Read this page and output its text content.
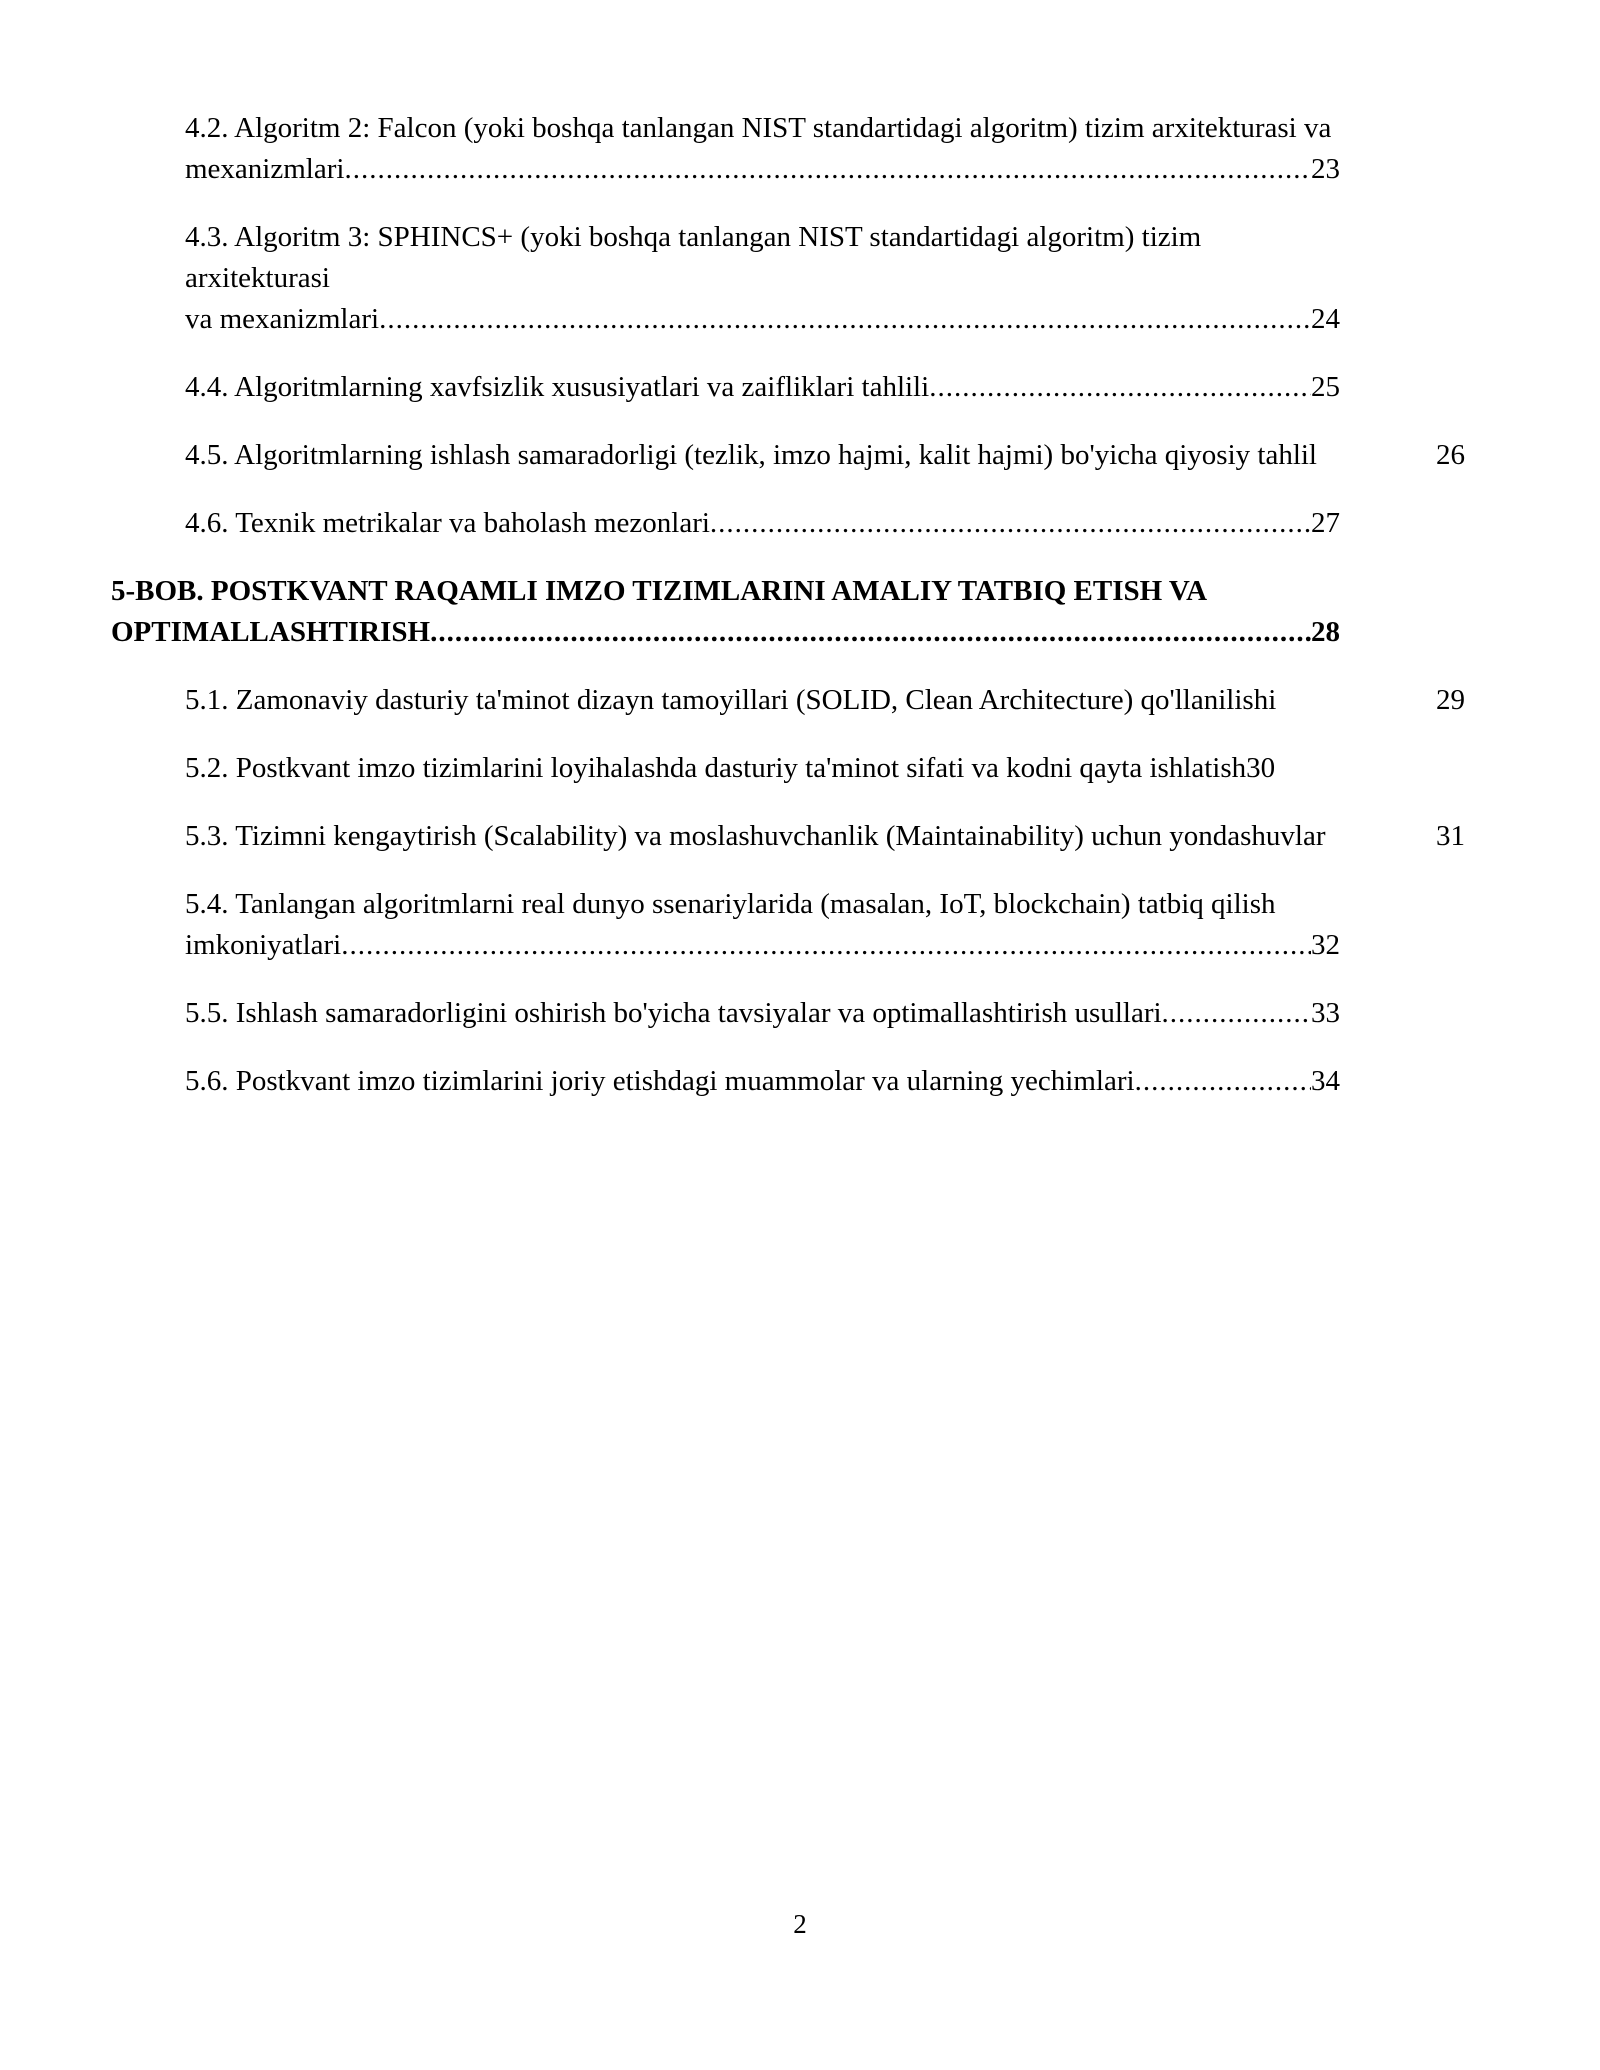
4.2. Algoritm 2: Falcon (yoki boshqa tanlangan NIST standartidagi algoritm) tizim arxitekturasi va
mexanizmlari .....	23
4.3. Algoritm 3: SPHINCS+ (yoki boshqa tanlangan NIST standartidagi algoritm) tizim arxitekturasi
va mexanizmlari .....	24
4.4. Algoritmlarning xavfsizlik xususiyatlari va zaifliklari tahlili .....	25
4.5. Algoritmlarning ishlash samaradorligi (tezlik, imzo hajmi, kalit hajmi) bo'yicha qiyosiy tahlil	26
4.6. Texnik metrikalar va baholash mezonlari .....	27
5-BOB. POSTKVANT RAQAMLI IMZO TIZIMLARINI AMALIY TATBIQ ETISH VA
OPTIMALLASHTIRISH .....	28
5.1. Zamonaviy dasturiy ta'minot dizayn tamoyillari (SOLID, Clean Architecture) qo'llanilishi	29
5.2. Postkvant imzo tizimlarini loyihalashda dasturiy ta'minot sifati va kodni qayta ishlatish30
5.3. Tizimni kengaytirish (Scalability) va moslashuvchanlik (Maintainability) uchun yondashuvlar	31
5.4. Tanlangan algoritmlarni real dunyo ssenariylarida (masalan, IoT, blockchain) tatbiq qilish
imkoniyatlari .....	32
5.5. Ishlash samaradorligini oshirish bo'yicha tavsiyalar va optimallashtirish usullari .....	33
5.6. Postkvant imzo tizimlarini joriy etishdagi muammolar va ularning yechimlari .....	34
2
